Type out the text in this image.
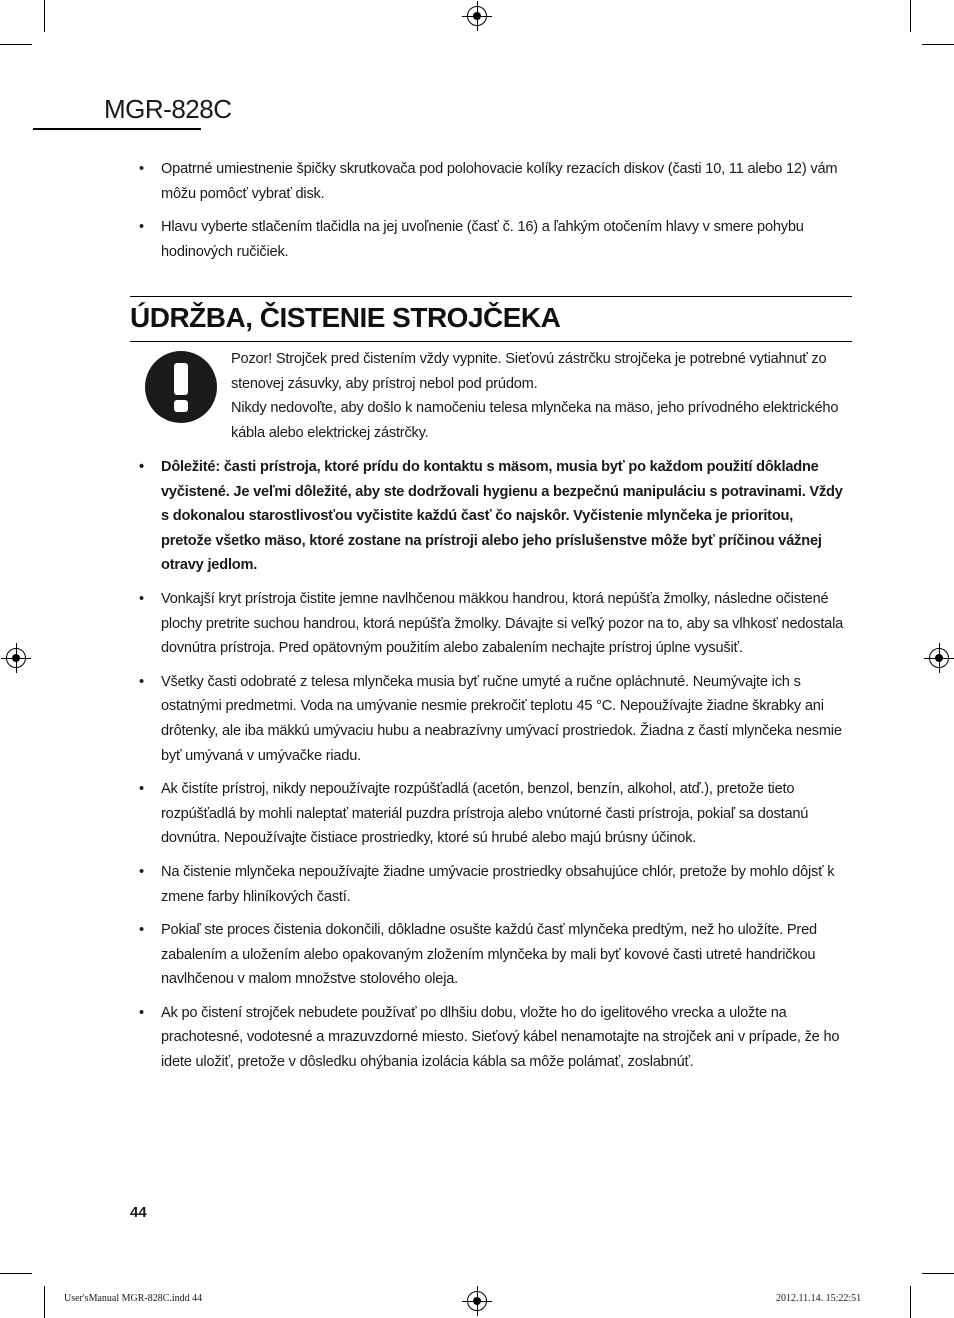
MGR-828C
• Opatrné umiestnenie špičky skrutkovača pod polohovacie kolíky rezacích diskov (časti 10, 11 alebo 12) vám môžu pomôcť vybrať disk.
• Hlavu vyberte stlačením tlačidla na jej uvoľnenie (časť č. 16) a ľahkým otočením hlavy v smere pohybu hodinových ručičiek.
ÚDRŽBA, ČISTENIE STROJČEKA
Pozor! Strojček pred čistením vždy vypnite. Sieťovú zástrčku strojčeka je potrebné vytiahnuť zo stenovej zásuvky, aby prístroj nebol pod prúdom.
Nikdy nedovoľte, aby došlo k namočeniu telesa mlynčeka na mäso, jeho prívodného elektrického kábla alebo elektrickej zástrčky.
• Dôležité: časti prístroja, ktoré prídu do kontaktu s mäsom, musia byť po každom použití dôkladne vyčistené. Je veľmi dôležité, aby ste dodržovali hygienu a bezpečnú manipuláciu s potravinami. Vždy s dokonalou starostlivosťou vyčistite každú časť čo najskôr. Vyčistenie mlynčeka je prioritou, pretože všetko mäso, ktoré zostane na prístroji alebo jeho príslušenstve môže byť príčinou vážnej otravy jedlom.
• Vonkajší kryt prístroja čistite jemne navlhčenou mäkkou handrou, ktorá nepúšťa žmolky, následne očistené plochy pretrite suchou handrou, ktorá nepúšťa žmolky. Dávajte si veľký pozor na to, aby sa vlhkosť nedostala dovnútra prístroja. Pred opätovným použitím alebo zabalením nechajte prístroj úplne vysušiť.
• Všetky časti odobraté z telesa mlynčeka musia byť ručne umyté a ručne opláchnuté. Neumývajte ich s ostatnými predmetmi. Voda na umývanie nesmie prekročiť teplotu 45 °C. Nepoužívajte žiadne škrabky ani drôtenky, ale iba mäkkú umývaciu hubu a neabrazívny umývací prostriedok. Žiadna z častí mlynčeka nesmie byť umývaná v umývačke riadu.
• Ak čistíte prístroj, nikdy nepoužívajte rozpúšťadlá (acetón, benzol, benzín, alkohol, atď.), pretože tieto rozpúšťadlá by mohli naleptať materiál puzdra prístroja alebo vnútorné časti prístroja, pokiaľ sa dostanú dovnútra. Nepoužívajte čistiace prostriedky, ktoré sú hrubé alebo majú brúsny účinok.
• Na čistenie mlynčeka nepoužívajte žiadne umývacie prostriedky obsahujúce chlór, pretože by mohlo dôjsť k zmene farby hliníkových častí.
• Pokiaľ ste proces čistenia dokončili, dôkladne osušte každú časť mlynčeka predtým, než ho uložíte. Pred zabalením a uložením alebo opakovaným zložením mlynčeka by mali byť kovové časti utreté handričkou navlhčenou v malom množstve stolového oleja.
• Ak po čistení strojček nebudete používať po dlhšiu dobu, vložte ho do igelitového vrecka a uložte na prachotesné, vodotesné a mrazuvzdorné miesto. Sieťový kábel nenamotajte na strojček ani v prípade, že ho idete uložiť, pretože v dôsledku ohýbania izolácia kábla sa môže polámať, zoslabnúť.
44
User'sManual MGR-828C.indd 44	2012.11.14. 15:22:51
